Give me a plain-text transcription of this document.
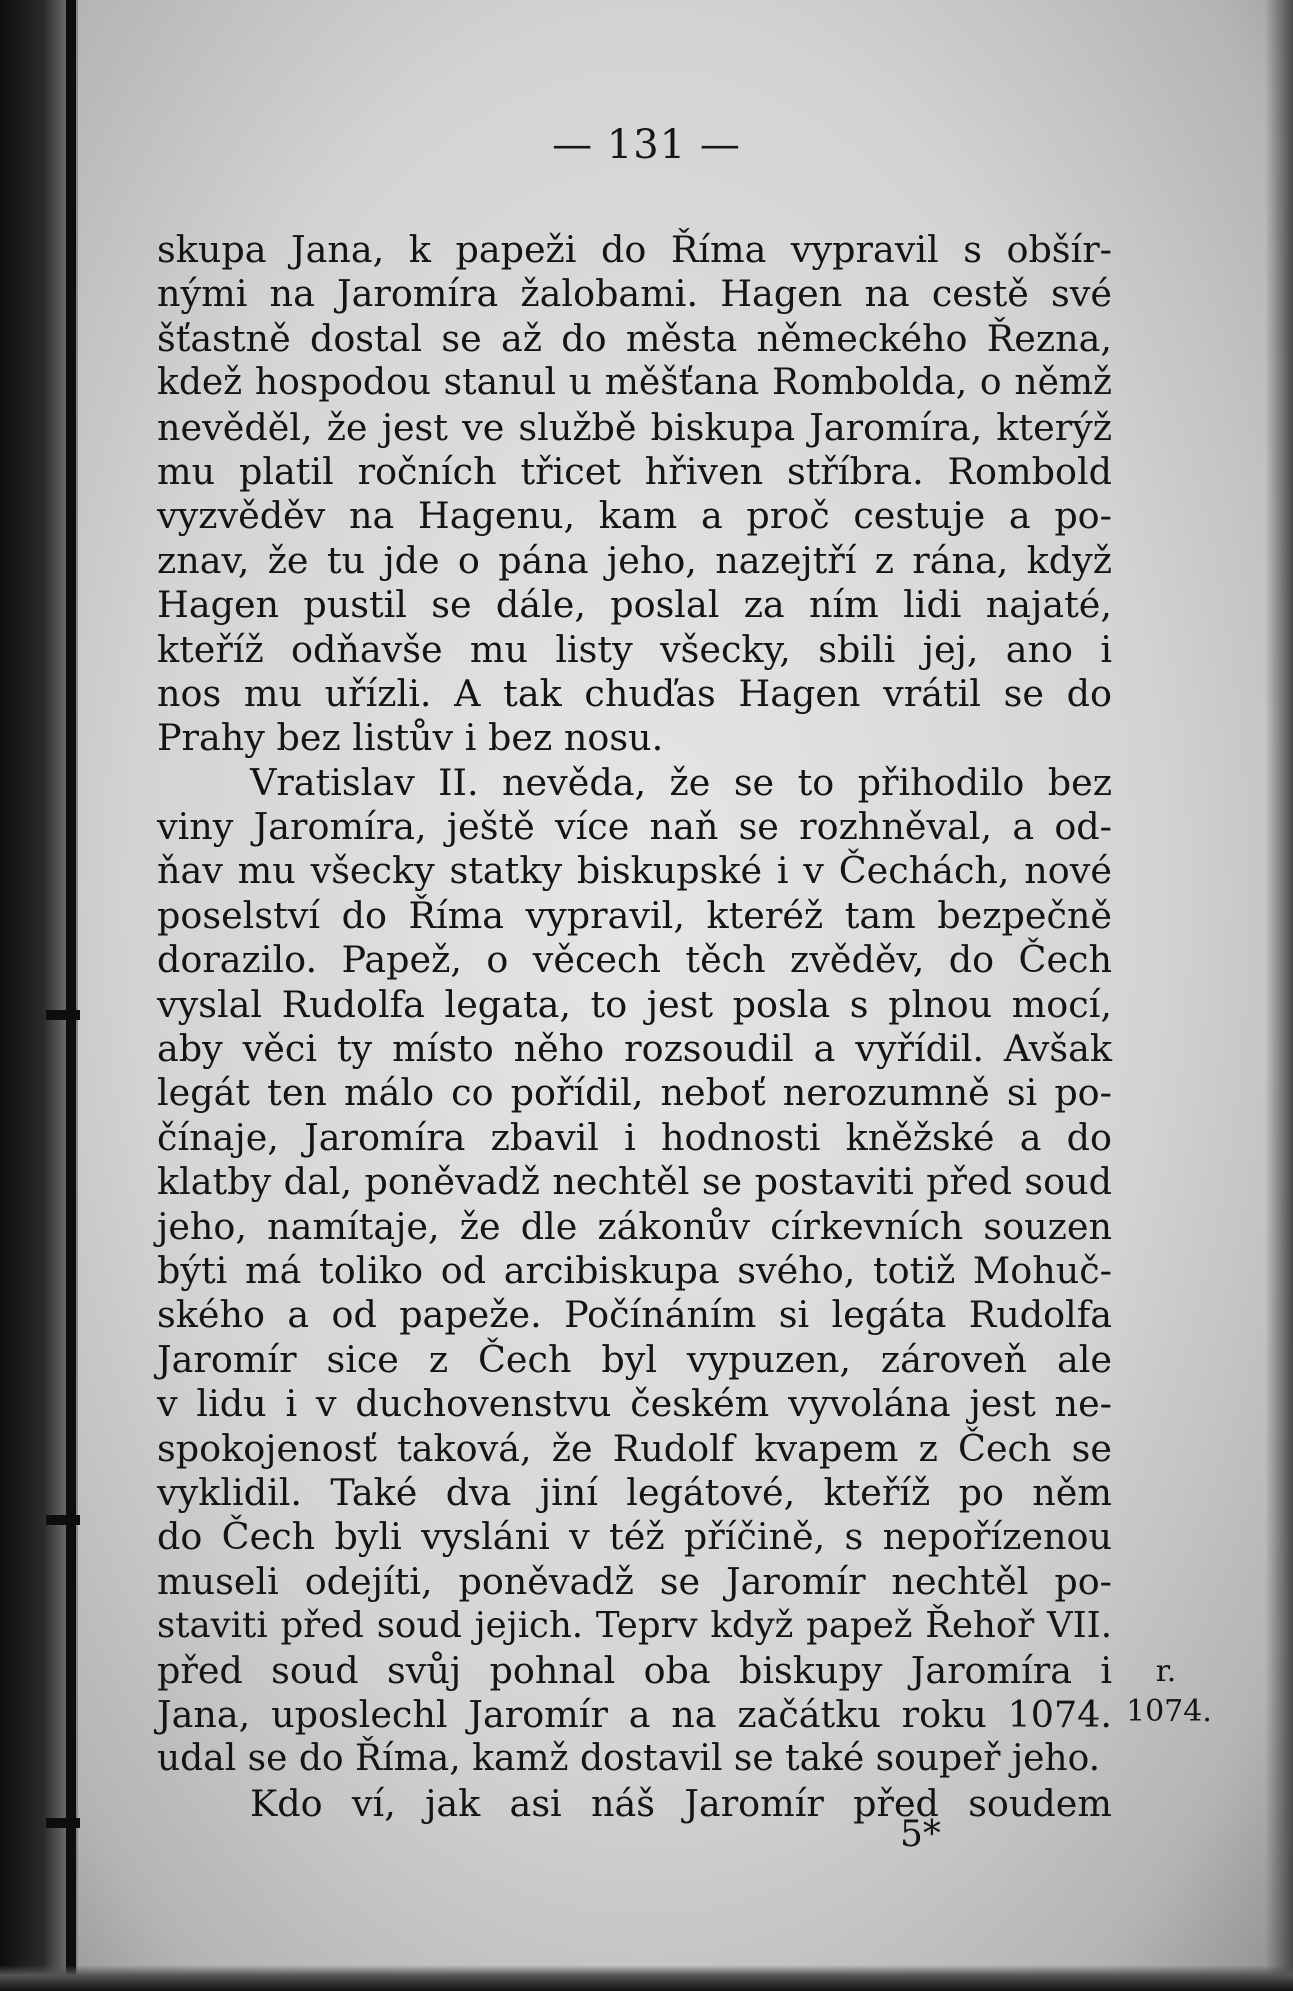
— 131 —
skupa Jana, k papeži do Říma vypravil s obšír-
nými na Jaromíra žalobami. Hagen na cestě své
šťastně dostal se až do města německého Řezna,
kdež hospodou stanul u měšťana Rombolda, o němž
nevěděl, že jest ve službě biskupa Jaromíra, kterýž
mu platil ročních třicet hřiven stříbra. Rombold
vyzvěděv na Hagenu, kam a proč cestuje a po-
znav, že tu jde o pána jeho, nazejtří z rána, když
Hagen pustil se dále, poslal za ním lidi najaté,
kteříž odňavše mu listy všecky, sbili jej, ano i
nos mu uřízli. A tak chuďas Hagen vrátil se do
Prahy bez listův i bez nosu.
Vratislav II. nevěda, že se to přihodilo bez
viny Jaromíra, ještě více naň se rozhněval, a od-
ňav mu všecky statky biskupské i v Čechách, nové
poselství do Říma vypravil, kteréž tam bezpečně
dorazilo. Papež, o věcech těch zvěděv, do Čech
vyslal Rudolfa legata, to jest posla s plnou mocí,
aby věci ty místo něho rozsoudil a vyřídil. Avšak
legát ten málo co pořídil, neboť nerozumně si po-
čínaje, Jaromíra zbavil i hodnosti kněžské a do
klatby dal, poněvadž nechtěl se postaviti před soud
jeho, namítaje, že dle zákonův církevních souzen
býti má toliko od arcibiskupa svého, totiž Mohuč-
ského a od papeže. Počínáním si legáta Rudolfa
Jaromír sice z Čech byl vypuzen, zároveň ale
v lidu i v duchovenstvu českém vyvolána jest ne-
spokojenosť taková, že Rudolf kvapem z Čech se
vyklidil. Také dva jiní legátové, kteříž po něm
do Čech byli vysláni v též příčině, s nepořízenou
museli odejíti, poněvadž se Jaromír nechtěl po-
staviti před soud jejich. Teprv když papež Řehoř VII.
před soud svůj pohnal oba biskupy Jaromíra i
Jana, uposlechl Jaromír a na začátku roku 1074.
udal se do Říma, kamž dostavil se také soupeř jeho.
Kdo ví, jak asi náš Jaromír před soudem
r.
1074.
5*
